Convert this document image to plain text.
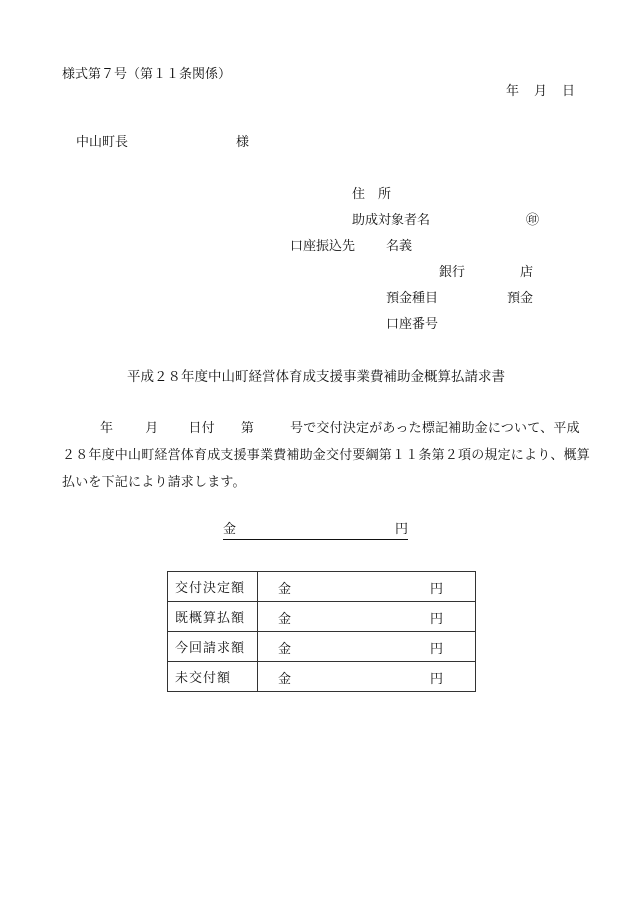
様式第７号（第１１条関係）
年 月 日
中山町長	様
住　所
助成対象者名	㊞
口座振込先 名義
銀行	店
預金種目	預金
口座番号
平成２８年度中山町経営体育成支援事業費補助金概算払請求書
年 月 日付 第	号で交付決定があった標記補助金について、平成２８年度中山町経営体育成支援事業費補助金交付要綱第１１条第２項の規定により、概算払いを下記により請求します。
金	円
交付決定額	金 円

既概算払額	金 円

今回請求額	金 円

未交付額	金 円
